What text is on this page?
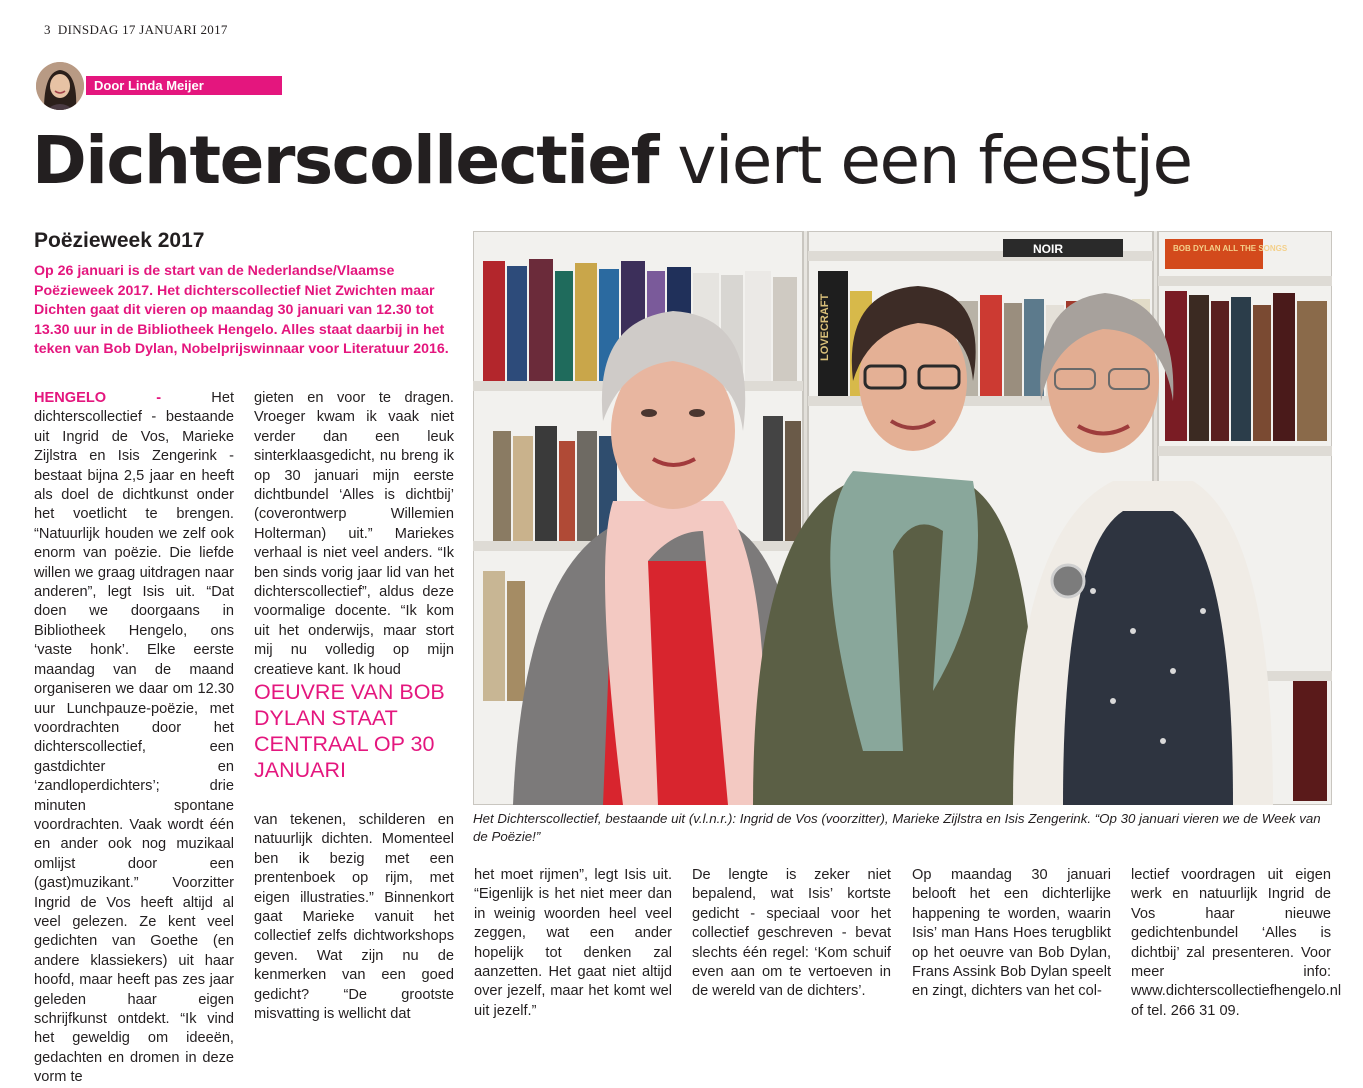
3 DINSDAG 17 JANUARI 2017
Door Linda Meijer
Dichterscollectief viert een feestje
Poëzieweek 2017
Op 26 januari is de start van de Nederlandse/Vlaamse Poëzieweek 2017. Het dichterscollectief Niet Zwichten maar Dichten gaat dit vieren op maandag 30 januari van 12.30 tot 13.30 uur in de Bibliotheek Hengelo. Alles staat daarbij in het teken van Bob Dylan, Nobelprijswinnaar voor Literatuur 2016.
HENGELO - Het dichterscollectief - bestaande uit Ingrid de Vos, Marieke Zijlstra en Isis Zengerink - bestaat bijna 2,5 jaar en heeft als doel de dichtkunst onder het voetlicht te brengen. “Natuurlijk houden we zelf ook enorm van poëzie. Die liefde willen we graag uitdragen naar anderen”, legt Isis uit. “Dat doen we doorgaans in Bibliotheek Hengelo, ons ‘vaste honk’. Elke eerste maandag van de maand organiseren we daar om 12.30 uur Lunchpauze-poëzie, met voordrachten door het dichterscollectief, een gastdichter en ‘zandloperdichters’; drie minuten spontane voordrachten. Vaak wordt één en ander ook nog muzikaal omlijst door een (gast)muzikant.” Voorzitter Ingrid de Vos heeft altijd al veel gelezen. Ze kent veel gedichten van Goethe (en andere klassiekers) uit haar hoofd, maar heeft pas zes jaar geleden haar eigen schrijfkunst ontdekt. “Ik vind het geweldig om ideeën, gedachten en dromen in deze vorm te
gieten en voor te dragen. Vroeger kwam ik vaak niet verder dan een leuk sinterklaasgedicht, nu breng ik op 30 januari mijn eerste dichtbundel ‘Alles is dichtbij’ (coverontwerp Willemien Holterman) uit.” Mariekes verhaal is niet veel anders. “Ik ben sinds vorig jaar lid van het dichterscollectief”, aldus deze voormalige docente. “Ik kom uit het onderwijs, maar stort mij nu volledig op mijn creatieve kant. Ik houd
OEUVRE VAN BOB DYLAN STAAT CENTRAAL OP 30 JANUARI
van tekenen, schilderen en natuurlijk dichten. Momenteel ben ik bezig met een prentenboek op rijm, met eigen illustraties.” Binnenkort gaat Marieke vanuit het collectief zelfs dichtworkshops geven. Wat zijn nu de kenmerken van een goed gedicht? “De grootste misvatting is wellicht dat
NOIR	BOB DYLAN ALL THE SONGS
LOVECRAFT
Het Dichterscollectief, bestaande uit (v.l.n.r.): Ingrid de Vos (voorzitter), Marieke Zijlstra en Isis Zengerink. “Op 30 januari vieren we de Week van de Poëzie!”
het moet rijmen”, legt Isis uit. “Eigenlijk is het niet meer dan in weinig woorden heel veel zeggen, wat een ander hopelijk tot denken zal aanzetten. Het gaat niet altijd over jezelf, maar het komt wel uit jezelf.”
De lengte is zeker niet bepalend, wat Isis’ kortste gedicht - speciaal voor het collectief geschreven - bevat slechts één regel: ‘Kom schuif even aan om te vertoeven in de wereld van de dichters’.
Op maandag 30 januari belooft het een dichterlijke happening te worden, waarin Isis’ man Hans Hoes terugblikt op het oeuvre van Bob Dylan, Frans Assink Bob Dylan speelt en zingt, dichters van het col-
lectief voordragen uit eigen werk en natuurlijk Ingrid de Vos haar nieuwe gedichtenbundel ‘Alles is dichtbij’ zal presenteren. Voor meer info: www.dichterscollectiefhengelo.nl of tel. 266 31 09.
